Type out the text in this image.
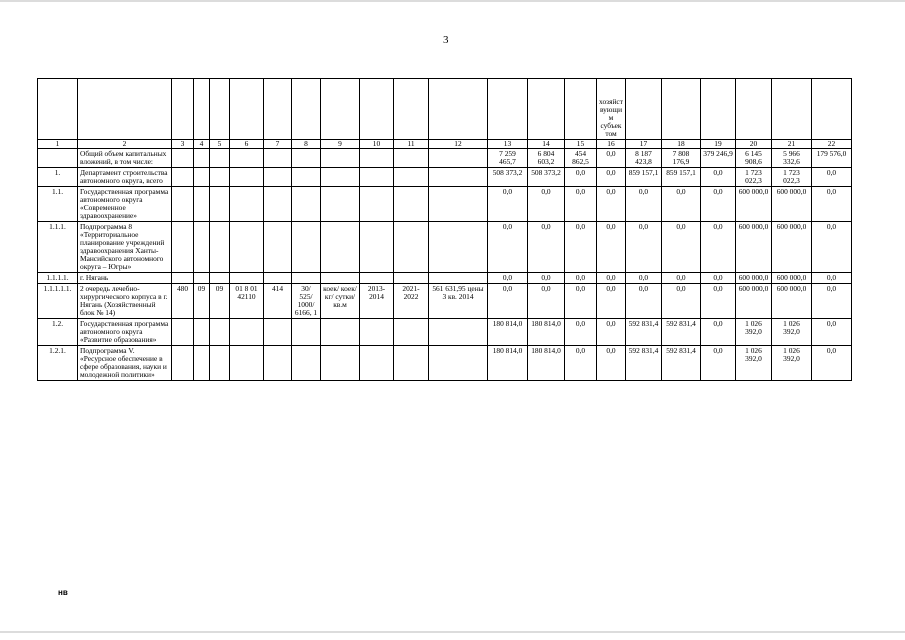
3
															хозяйствующим субъектом						
1	2	3	4	5	6	7	8	9	10	11	12	13	14	15	16	17	18	19	20	21	22
	Общий объем капитальных вложений, в том числе:											7 259 465,7	6 804 603,2	454 862,5	0,0	8 187 423,8	7 808 176,9	379 246,9	6 145 908,6	5 966 332,6	179 576,0
1.	Департамент строительства автономного округа, всего											508 373,2	508 373,2	0,0	0,0	859 157,1	859 157,1	0,0	1 723 022,3	1 723 022,3	0,0
1.1.	Государственная программа автономного округа «Современное здравоохранение»											0,0	0,0	0,0	0,0	0,0	0,0	0,0	600 000,0	600 000,0	0,0
1.1.1.	Подпрограмма 8 «Территориальное планирование учреждений здравоохранения Ханты-Мансийского автономного округа – Югры»											0,0	0,0	0,0	0,0	0,0	0,0	0,0	600 000,0	600 000,0	0,0
1.1.1.1.	г. Нягань											0,0	0,0	0,0	0,0	0,0	0,0	0,0	600 000,0	600 000,0	0,0
1.1.1.1.1.	2 очередь лечебно-хирургического корпуса в г. Нягань (Хозяйственный блок № 14)	480	09	09	01 8 01 42110	414	30/ 525/ 1000/ 6166, 1	коек/ коек/ кг/ сутки/ кв.м	2013-2014	2021-2022	561 631,95 цены 3 кв. 2014	0,0	0,0	0,0	0,0	0,0	0,0	0,0	600 000,0	600 000,0	0,0
1.2.	Государственная программа автономного округа «Развитие образования»											180 814,0	180 814,0	0,0	0,0	592 831,4	592 831,4	0,0	1 026 392,0	1 026 392,0	0,0
1.2.1.	Подпрограмма V. «Ресурсное обеспечение в сфере образования, науки и молодежной политики»											180 814,0	180 814,0	0,0	0,0	592 831,4	592 831,4	0,0	1 026 392,0	1 026 392,0	0,0
нв
